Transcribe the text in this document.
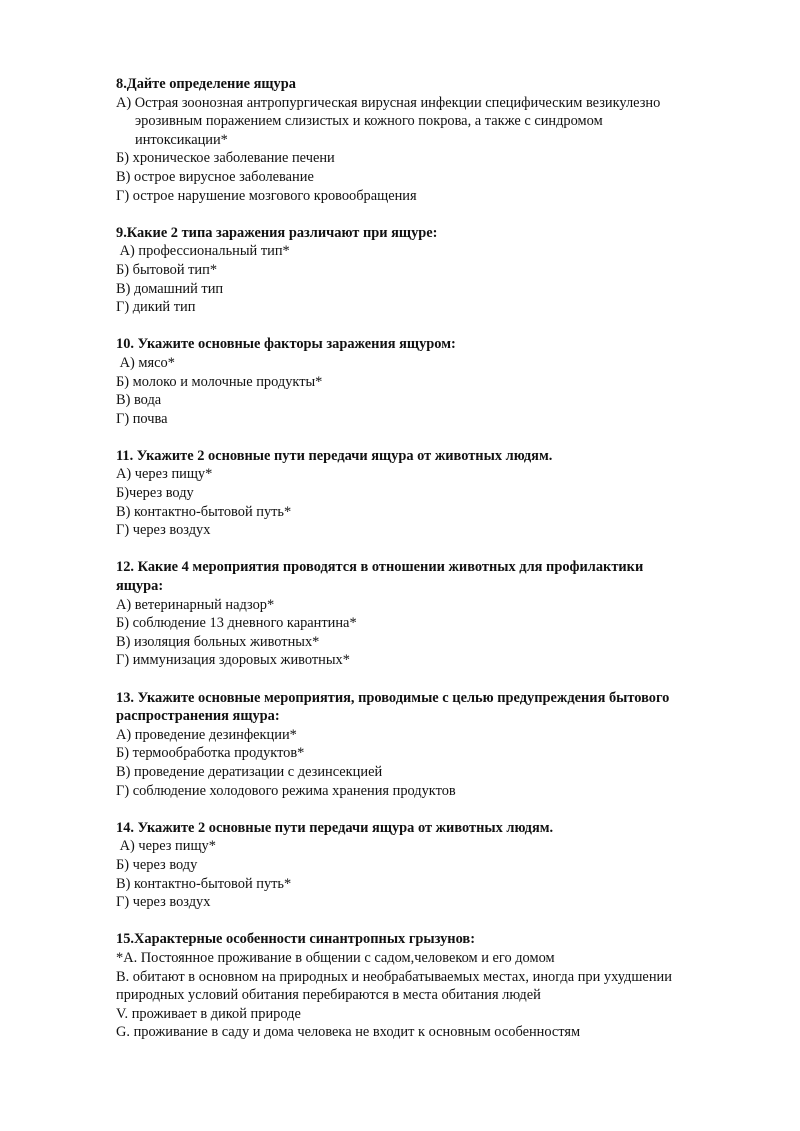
8.Дайте определение ящура
А) Острая зоонозная антропургическая вирусная инфекции специфическим везикулезно
эрозивным поражением слизистых и кожного покрова, а также с синдромом
интоксикации*
Б) хроническое заболевание печени
В) острое вирусное заболевание
Г) острое нарушение мозгового кровообращения
9.Какие 2 типа заражения различают при ящуре:
А) профессиональный тип*
Б) бытовой тип*
В) домашний тип
Г) дикий тип
10. Укажите основные факторы заражения ящуром:
А) мясо*
Б) молоко и молочные продукты*
В) вода
Г) почва
11. Укажите 2 основные пути передачи ящура от животных людям.
А) через пищу*
Б)через воду
В) контактно-бытовой путь*
Г) через воздух
12. Какие 4 мероприятия проводятся в отношении животных для профилактики
ящура:
А) ветеринарный надзор*
Б) соблюдение 13 дневного карантина*
В) изоляция больных животных*
Г) иммунизация здоровых животных*
13. Укажите основные мероприятия, проводимые с целью предупреждения бытового
распространения ящура:
А) проведение дезинфекции*
Б) термообработка продуктов*
В) проведение дератизации с дезинсекцией
Г) соблюдение холодового режима хранения продуктов
14. Укажите 2 основные пути передачи ящура от животных людям.
А) через пищу*
Б) через воду
В) контактно-бытовой путь*
Г) через воздух
15.Характерные особенности синантропных грызунов:
*А. Постоянное проживание в общении с садом,человеком и его домом
В. обитают в основном на природных и необрабатываемых местах, иногда при ухудшении
природных условий обитания перебираются в места обитания людей
V. проживает в дикой природе
G. проживание в саду и дома человека не входит к основным особенностям
